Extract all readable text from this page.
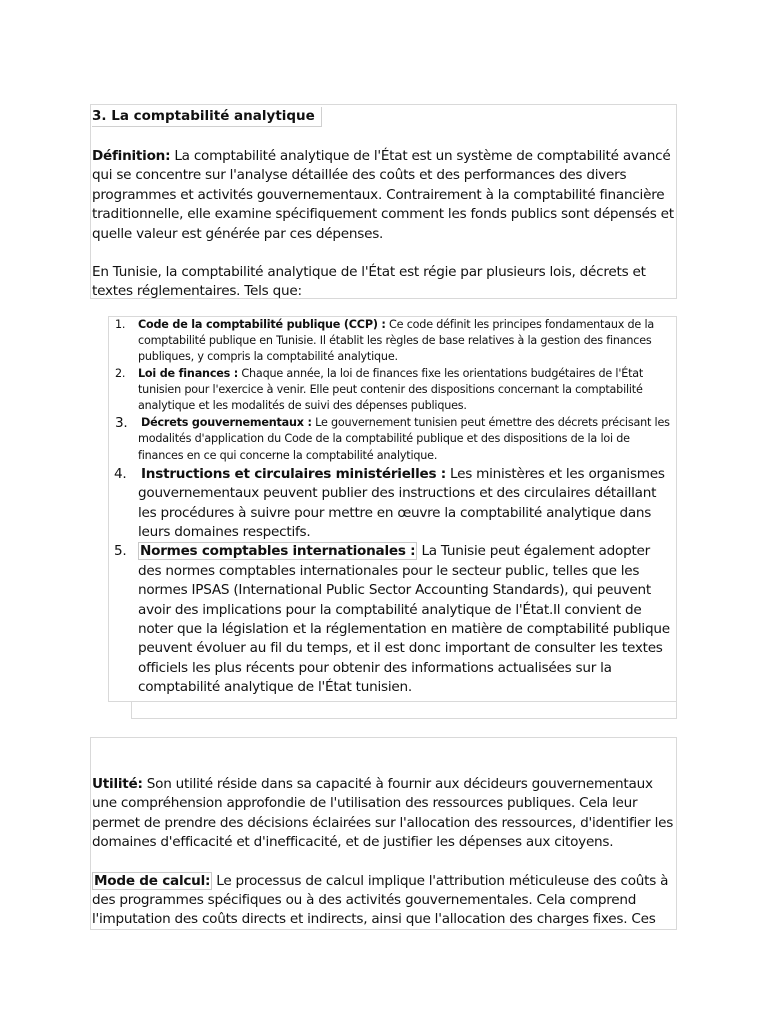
3. La comptabilité analytique

Définition: La comptabilité analytique de l'État est un système de comptabilité avancé qui se concentre sur l'analyse détaillée des coûts et des performances des divers programmes et activités gouvernementaux. Contrairement à la comptabilité financière traditionnelle, elle examine spécifiquement comment les fonds publics sont dépensés et quelle valeur est générée par ces dépenses.

En Tunisie, la comptabilité analytique de l'État est régie par plusieurs lois, décrets et textes réglementaires. Tels que:

1. Code de la comptabilité publique (CCP) : Ce code définit les principes fondamentaux de la comptabilité publique en Tunisie. Il établit les règles de base relatives à la gestion des finances publiques, y compris la comptabilité analytique.
2. Loi de finances : Chaque année, la loi de finances fixe les orientations budgétaires de l'État tunisien pour l'exercice à venir. Elle peut contenir des dispositions concernant la comptabilité analytique et les modalités de suivi des dépenses publiques.
3. Décrets gouvernementaux : Le gouvernement tunisien peut émettre des décrets précisant les modalités d'application du Code de la comptabilité publique et des dispositions de la loi de finances en ce qui concerne la comptabilité analytique.
4. Instructions et circulaires ministérielles : Les ministères et les organismes gouvernementaux peuvent publier des instructions et des circulaires détaillant les procédures à suivre pour mettre en œuvre la comptabilité analytique dans leurs domaines respectifs.
5. Normes comptables internationales : La Tunisie peut également adopter des normes comptables internationales pour le secteur public, telles que les normes IPSAS (International Public Sector Accounting Standards), qui peuvent avoir des implications pour la comptabilité analytique de l'État.Il convient de noter que la législation et la réglementation en matière de comptabilité publique peuvent évoluer au fil du temps, et il est donc important de consulter les textes officiels les plus récents pour obtenir des informations actualisées sur la comptabilité analytique de l'État tunisien.

Utilité: Son utilité réside dans sa capacité à fournir aux décideurs gouvernementaux une compréhension approfondie de l'utilisation des ressources publiques. Cela leur permet de prendre des décisions éclairées sur l'allocation des ressources, d'identifier les domaines d'efficacité et d'inefficacité, et de justifier les dépenses aux citoyens.

Mode de calcul: Le processus de calcul implique l'attribution méticuleuse des coûts à des programmes spécifiques ou à des activités gouvernementales. Cela comprend l'imputation des coûts directs et indirects, ainsi que l'allocation des charges fixes. Ces
